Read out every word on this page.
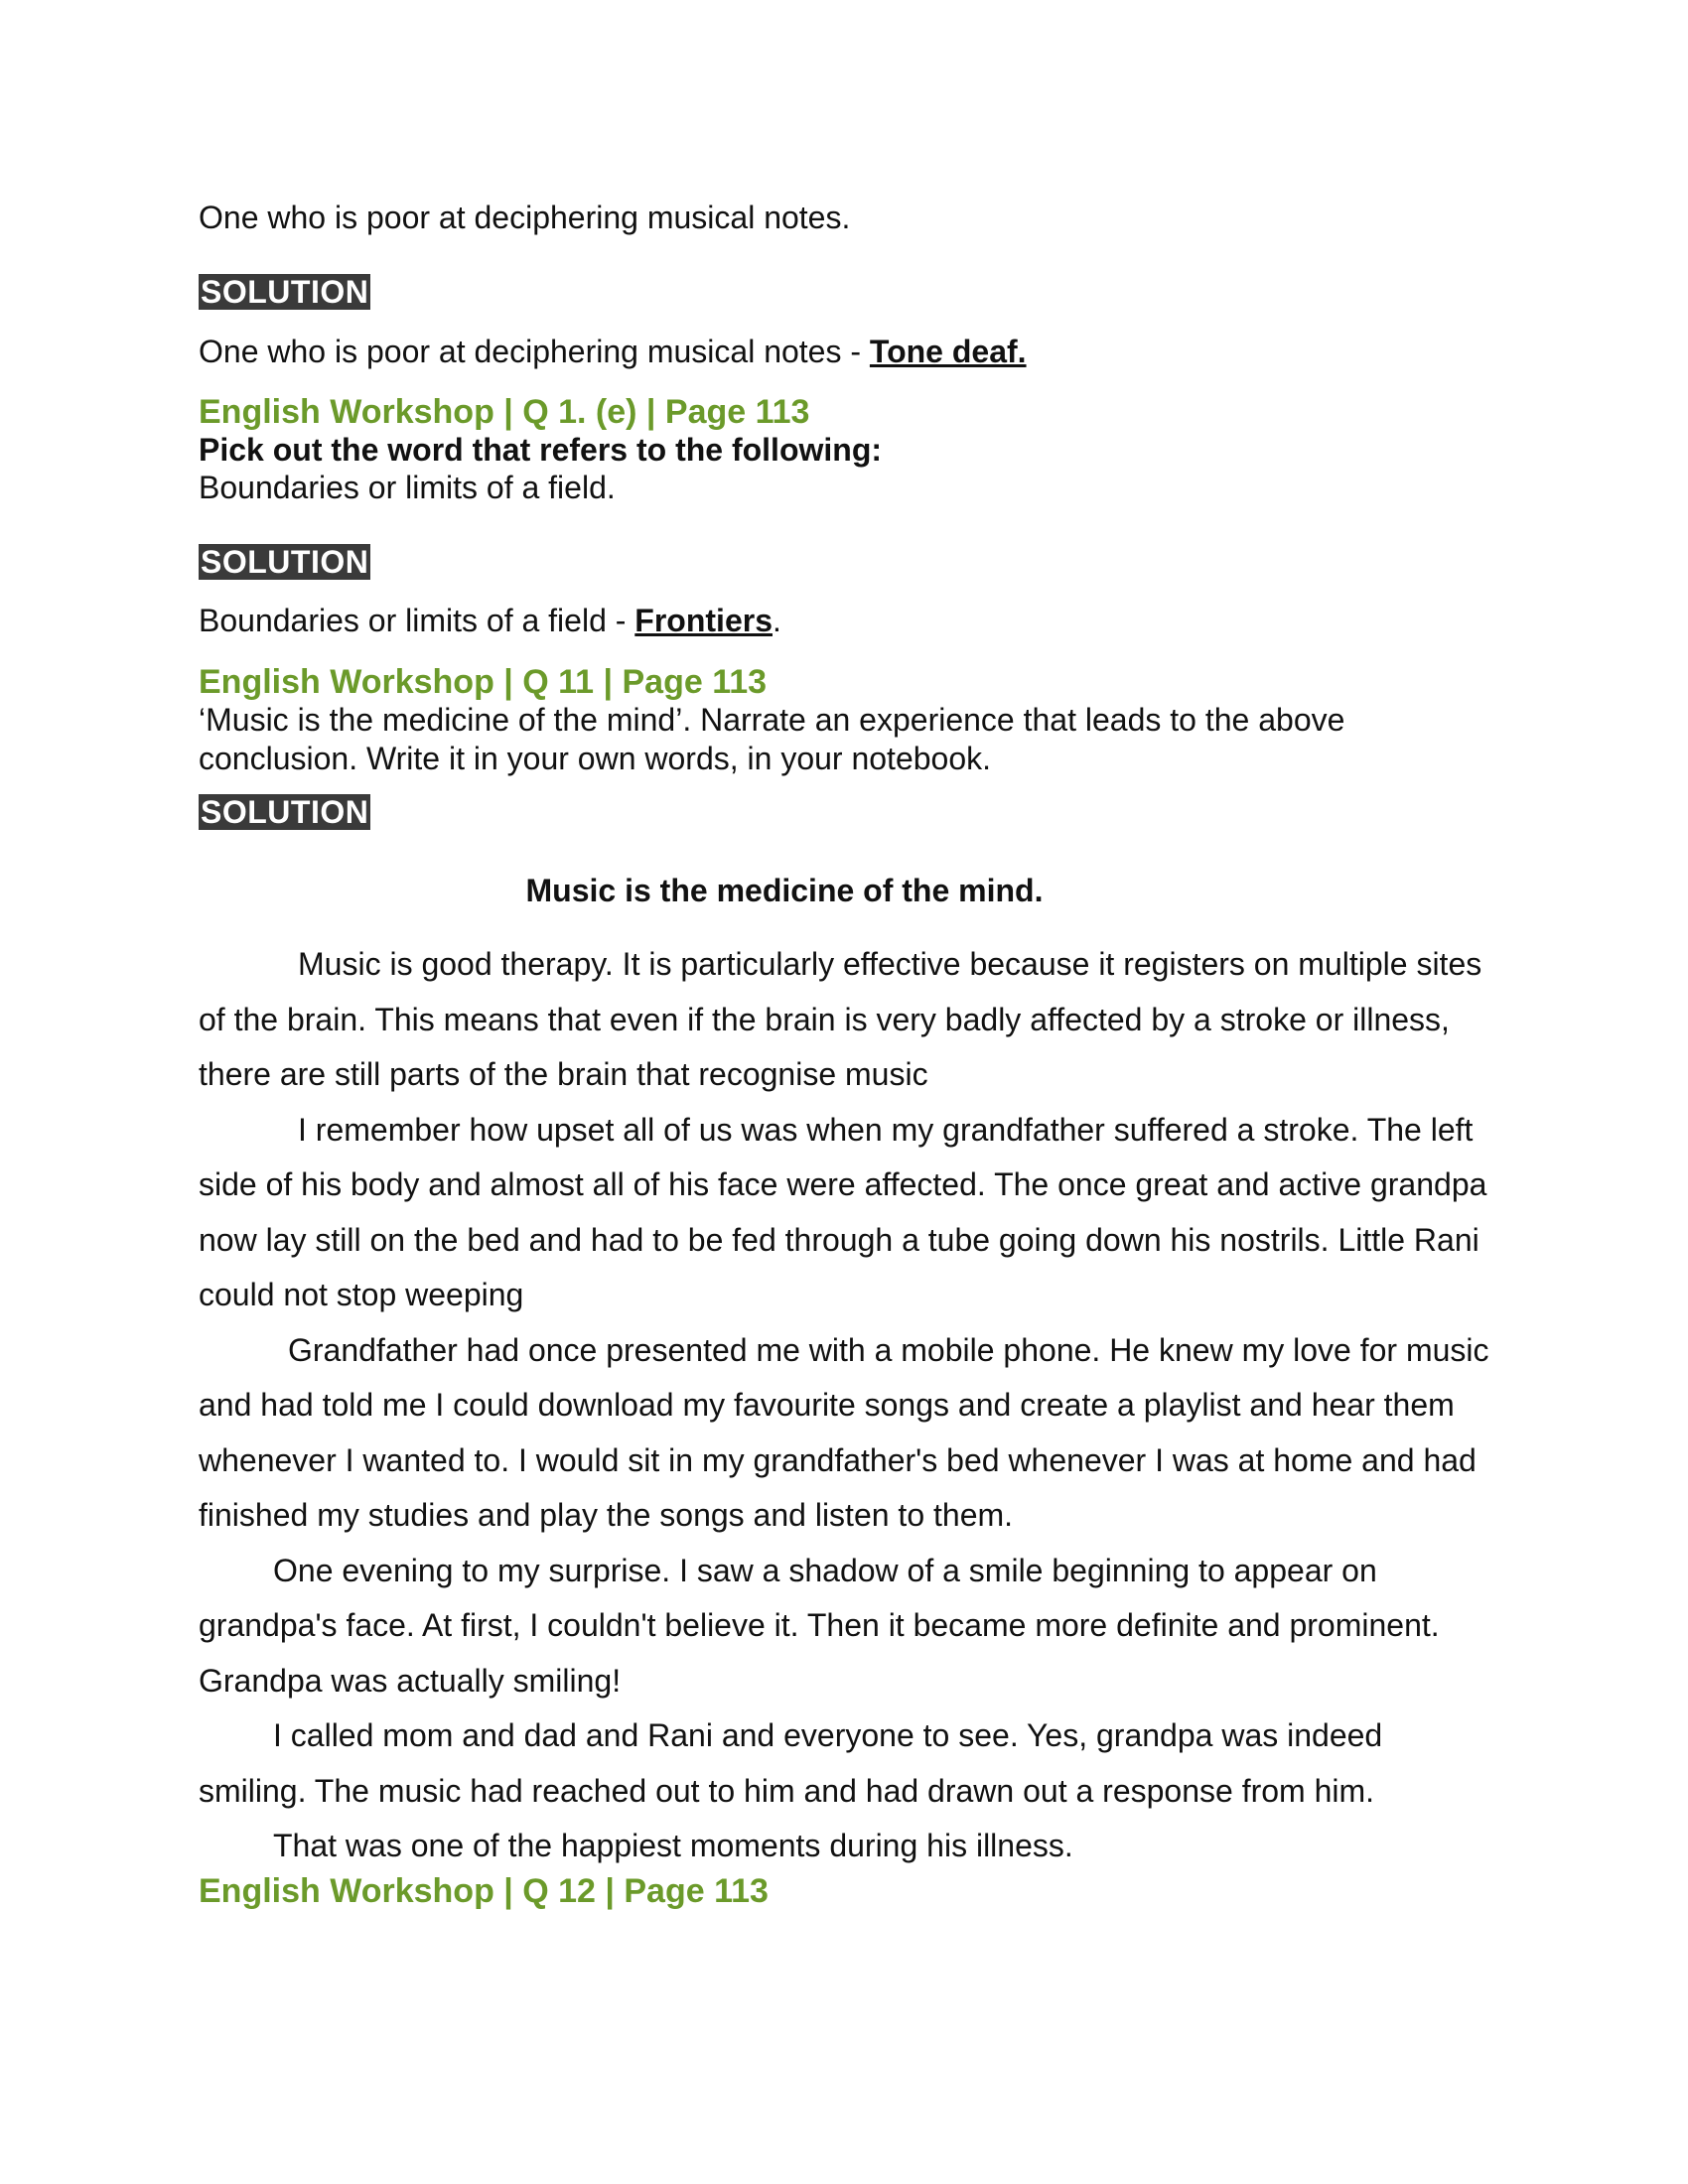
One who is poor at deciphering musical notes.
SOLUTION
One who is poor at deciphering musical notes - Tone deaf.
English Workshop | Q 1. (e) | Page 113
Pick out the word that refers to the following:
Boundaries or limits of a field.
SOLUTION
Boundaries or limits of a field - Frontiers.
English Workshop | Q 11 | Page 113
‘Music is the medicine of the mind’. Narrate an experience that leads to the above
conclusion. Write it in your own words, in your notebook.
SOLUTION
Music is the medicine of the mind.

Music is good therapy. It is particularly effective because it registers on multiple sites of the brain. This means that even if the brain is very badly affected by a stroke or illness, there are still parts of the brain that recognise music

I remember how upset all of us was when my grandfather suffered a stroke. The left side of his body and almost all of his face were affected. The once great and active grandpa now lay still on the bed and had to be fed through a tube going down his nostrils. Little Rani could not stop weeping

Grandfather had once presented me with a mobile phone. He knew my love for music and had told me I could download my favourite songs and create a playlist and hear them whenever I wanted to. I would sit in my grandfather's bed whenever I was at home and had finished my studies and play the songs and listen to them.

One evening to my surprise. I saw a shadow of a smile beginning to appear on grandpa's face. At first, I couldn't believe it. Then it became more definite and prominent. Grandpa was actually smiling!

I called mom and dad and Rani and everyone to see. Yes, grandpa was indeed smiling. The music had reached out to him and had drawn out a response from him.

That was one of the happiest moments during his illness.

English Workshop | Q 12 | Page 113
